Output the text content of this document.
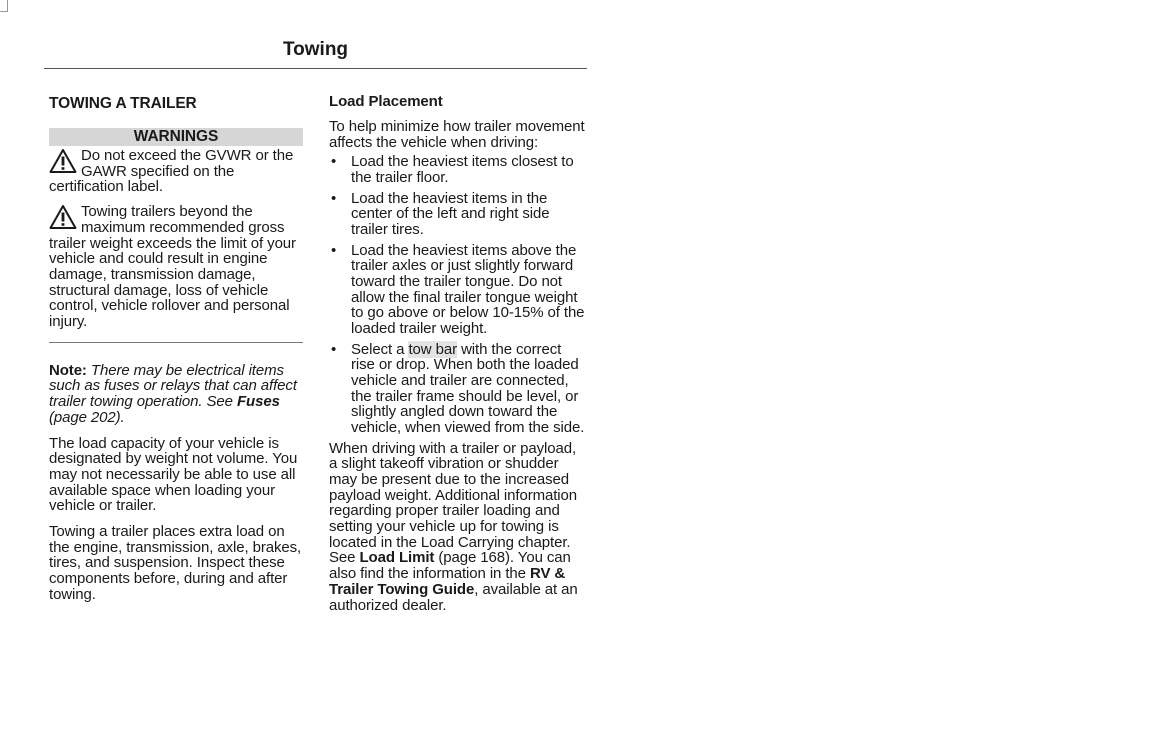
Towing
TOWING A TRAILER
WARNINGS

Do not exceed the GVWR or the GAWR specified on the certification label.

Towing trailers beyond the maximum recommended gross trailer weight exceeds the limit of your vehicle and could result in engine damage, transmission damage, structural damage, loss of vehicle control, vehicle rollover and personal injury.

Note: There may be electrical items such as fuses or relays that can affect trailer towing operation. See Fuses (page 202).

The load capacity of your vehicle is designated by weight not volume. You may not necessarily be able to use all available space when loading your vehicle or trailer.

Towing a trailer places extra load on the engine, transmission, axle, brakes, tires, and suspension. Inspect these components before, during and after towing.

Load Placement

To help minimize how trailer movement affects the vehicle when driving:

• Load the heaviest items closest to the trailer floor.
• Load the heaviest items in the center of the left and right side trailer tires.
• Load the heaviest items above the trailer axles or just slightly forward toward the trailer tongue. Do not allow the final trailer tongue weight to go above or below 10-15% of the loaded trailer weight.
• Select a tow bar with the correct rise or drop. When both the loaded vehicle and trailer are connected, the trailer frame should be level, or slightly angled down toward the vehicle, when viewed from the side.

When driving with a trailer or payload, a slight takeoff vibration or shudder may be present due to the increased payload weight. Additional information regarding proper trailer loading and setting your vehicle up for towing is located in the Load Carrying chapter. See Load Limit (page 168). You can also find the information in the RV & Trailer Towing Guide, available at an authorized dealer.
